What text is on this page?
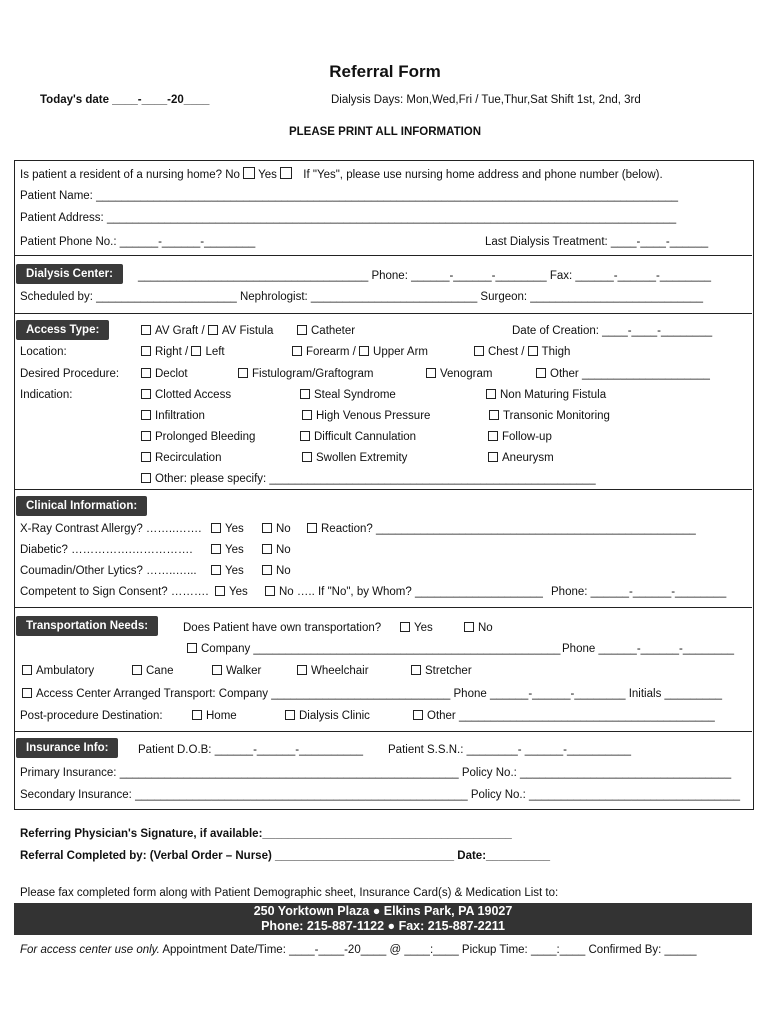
Referral Form
Today's date ____-____-20____	Dialysis Days: Mon,Wed,Fri / Tue,Thur,Sat Shift 1st, 2nd, 3rd
PLEASE PRINT ALL INFORMATION
Is patient a resident of a nursing home? No Yes If "Yes", please use nursing home address and phone number (below).
Patient Name: ___________________________________________________________________________________________
Patient Address: _________________________________________________________________________________________
Patient Phone No.: ______-______-________	Last Dialysis Treatment: ____-____-______
Dialysis Center:	____________________________________ Phone: ______-______-________ Fax: ______-______-________
Scheduled by: ______________________ Nephrologist: __________________________ Surgeon: ___________________________
Access Type:	AV Graft / AV Fistula	Catheter	Date of Creation: ____-____-________
Location:	Right / Left	Forearm / Upper Arm	Chest / Thigh
Desired Procedure:	Declot	Fistulogram/Graftogram	Venogram	Other ____________________
Indication:	Clotted Access	Steal Syndrome	Non Maturing Fistula
Infiltration	High Venous Pressure	Transonic Monitoring
Prolonged Bleeding	Difficult Cannulation	Follow-up
Recirculation	Swollen Extremity	Aneurysm
Other: please specify: ___________________________________________________
Clinical Information:
X-Ray Contrast Allergy? ……..…….	Yes	No	Reaction? __________________________________________________
Diabetic? …………….…………….	Yes	No
Coumadin/Other Lytics? ……..…...	Yes	No
Competent to Sign Consent? ……….	Yes	No ….. If "No", by Whom? ____________________ Phone: ______-______-________
Transportation Needs:	Does Patient have own transportation?	Yes	No
Company ________________________________________________ Phone ______-______-________
Ambulatory	Cane	Walker	Wheelchair	Stretcher
Access Center Arranged Transport: Company ____________________________ Phone ______-______-________ Initials _________
Post-procedure Destination:	Home	Dialysis Clinic	Other ________________________________________
Insurance Info:	Patient D.O.B: ______-______-__________ Patient S.S.N.: ________- ______-__________
Primary Insurance: _____________________________________________________ Policy No.: _________________________________
Secondary Insurance: ____________________________________________________ Policy No.: _________________________________
Referring Physician's Signature, if available:_______________________________________
Referral Completed by: (Verbal Order – Nurse) ____________________________ Date:__________
Please fax completed form along with Patient Demographic sheet, Insurance Card(s) & Medication List to:
250 Yorktown Plaza ● Elkins Park, PA 19027
Phone: 215-887-1122 ● Fax: 215-887-2211
For access center use only. Appointment Date/Time: ____-____-20____ @ ____:____ Pickup Time: ____:____ Confirmed By: _____
